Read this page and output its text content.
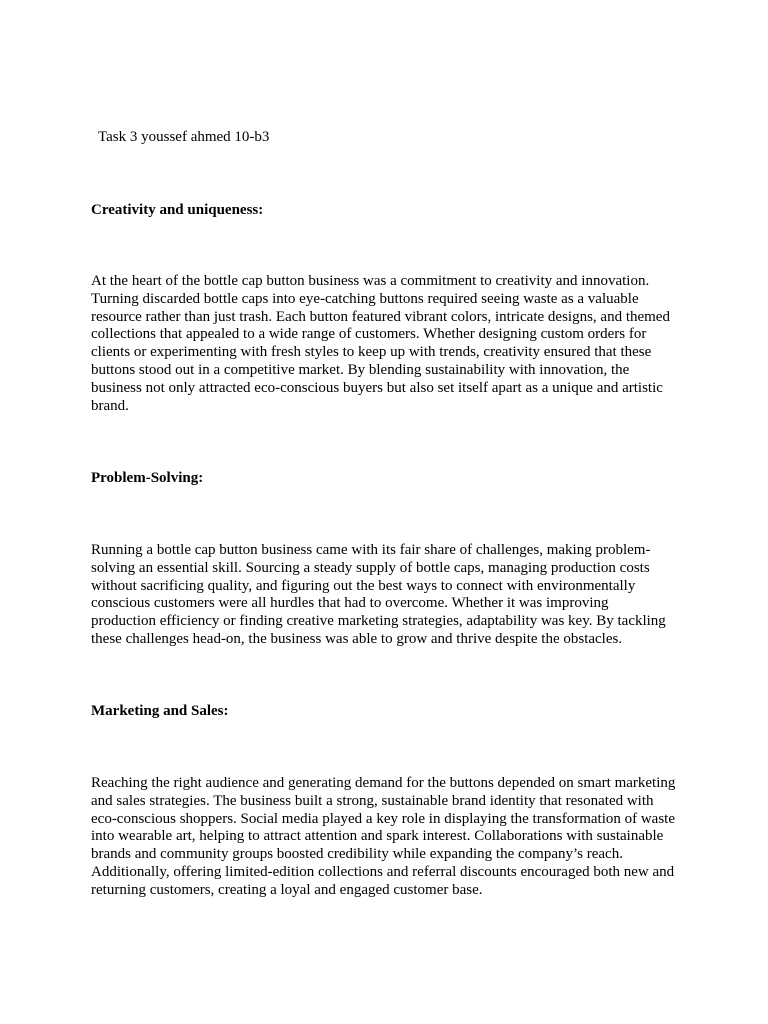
Task 3 youssef ahmed 10-b3

Creativity and uniqueness:

At the heart of the bottle cap button business was a commitment to creativity and innovation.
Turning discarded bottle caps into eye-catching buttons required seeing waste as a valuable
resource rather than just trash. Each button featured vibrant colors, intricate designs, and themed
collections that appealed to a wide range of customers. Whether designing custom orders for
clients or experimenting with fresh styles to keep up with trends, creativity ensured that these
buttons stood out in a competitive market. By blending sustainability with innovation, the
business not only attracted eco-conscious buyers but also set itself apart as a unique and artistic
brand.

Problem-Solving:

Running a bottle cap button business came with its fair share of challenges, making problem-
solving an essential skill. Sourcing a steady supply of bottle caps, managing production costs
without sacrificing quality, and figuring out the best ways to connect with environmentally
conscious customers were all hurdles that had to overcome. Whether it was improving
production efficiency or finding creative marketing strategies, adaptability was key. By tackling
these challenges head-on, the business was able to grow and thrive despite the obstacles.

Marketing and Sales:

Reaching the right audience and generating demand for the buttons depended on smart marketing
and sales strategies. The business built a strong, sustainable brand identity that resonated with
eco-conscious shoppers. Social media played a key role in displaying the transformation of waste
into wearable art, helping to attract attention and spark interest. Collaborations with sustainable
brands and community groups boosted credibility while expanding the company’s reach.
Additionally, offering limited-edition collections and referral discounts encouraged both new and
returning customers, creating a loyal and engaged customer base.
